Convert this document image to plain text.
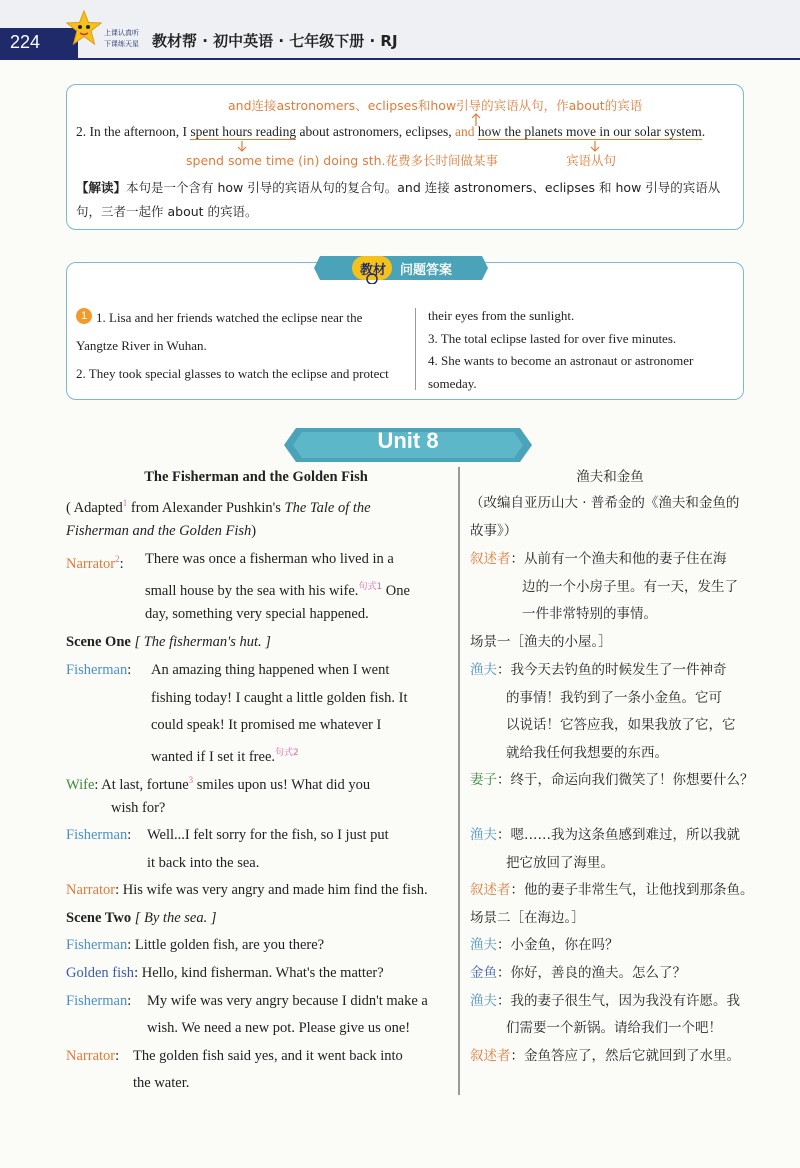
224	上课认真听
下课练天星 教材帮 · 初中英语 · 七年级下册 · RJ
and连接astronomers、eclipses和how引导的宾语从句，作about的宾语
2. In the afternoon, I spent hours reading about astronomers, eclipses, and how the planets move in our solar system.
spend some time (in) doing sth.花费多长时间做某事	宾语从句
【解读】本句是一个含有 how 引导的宾语从句的复合句。and 连接 astronomers、eclipses 和 how 引导的宾语从
句，三者一起作 about 的宾语。
教材 问题答案
1 1. Lisa and her friends watched the eclipse near the
Yangtze River in Wuhan.
2. They took special glasses to watch the eclipse and protect
their eyes from the sunlight.
3. The total eclipse lasted for over five minutes.
4. She wants to become an astronaut or astronomer
someday.
Unit 8
The Fisherman and the Golden Fish
( Adapted$^1$ from Alexander Pushkin's The Tale of the
Fisherman and the Golden Fish)
Narrator$^2$: There was once a fisherman who lived in a
small house by the sea with his wife.$^{句式1}$ One
day, something very special happened.
Scene One [ The fisherman's hut. ]
Fisherman: An amazing thing happened when I went
fishing today! I caught a little golden fish. It
could speak! It promised me whatever I
wanted if I set it free.$^{句式2}$
Wife: At last, fortune$^3$ smiles upon us! What did you
wish for?
Fisherman: Well...I felt sorry for the fish, so I just put
it back into the sea.
Narrator: His wife was very angry and made him find the fish.
Scene Two [ By the sea. ]
Fisherman: Little golden fish, are you there?
Golden fish: Hello, kind fisherman. What's the matter?
Fisherman: My wife was very angry because I didn't make a
wish. We need a new pot. Please give us one!
Narrator: The golden fish said yes, and it went back into
the water.
渔夫和金鱼
（改编自亚历山大 · 普希金的《渔夫和金鱼的
故事》）
叙述者：从前有一个渔夫和他的妻子住在海
边的一个小房子里。有一天，发生了
一件非常特别的事情。
场景一［渔夫的小屋。］
渔夫：我今天去钓鱼的时候发生了一件神奇
的事情！我钓到了一条小金鱼。它可
以说话！它答应我，如果我放了它，它
就给我任何我想要的东西。
妻子：终于，命运向我们微笑了！你想要什么？
渔夫：嗯……我为这条鱼感到难过，所以我就
把它放回了海里。
叙述者：他的妻子非常生气，让他找到那条鱼。
场景二［在海边。］
渔夫：小金鱼，你在吗？
金鱼：你好，善良的渔夫。怎么了？
渔夫：我的妻子很生气，因为我没有许愿。我
们需要一个新锅。请给我们一个吧！
叙述者：金鱼答应了，然后它就回到了水里。
